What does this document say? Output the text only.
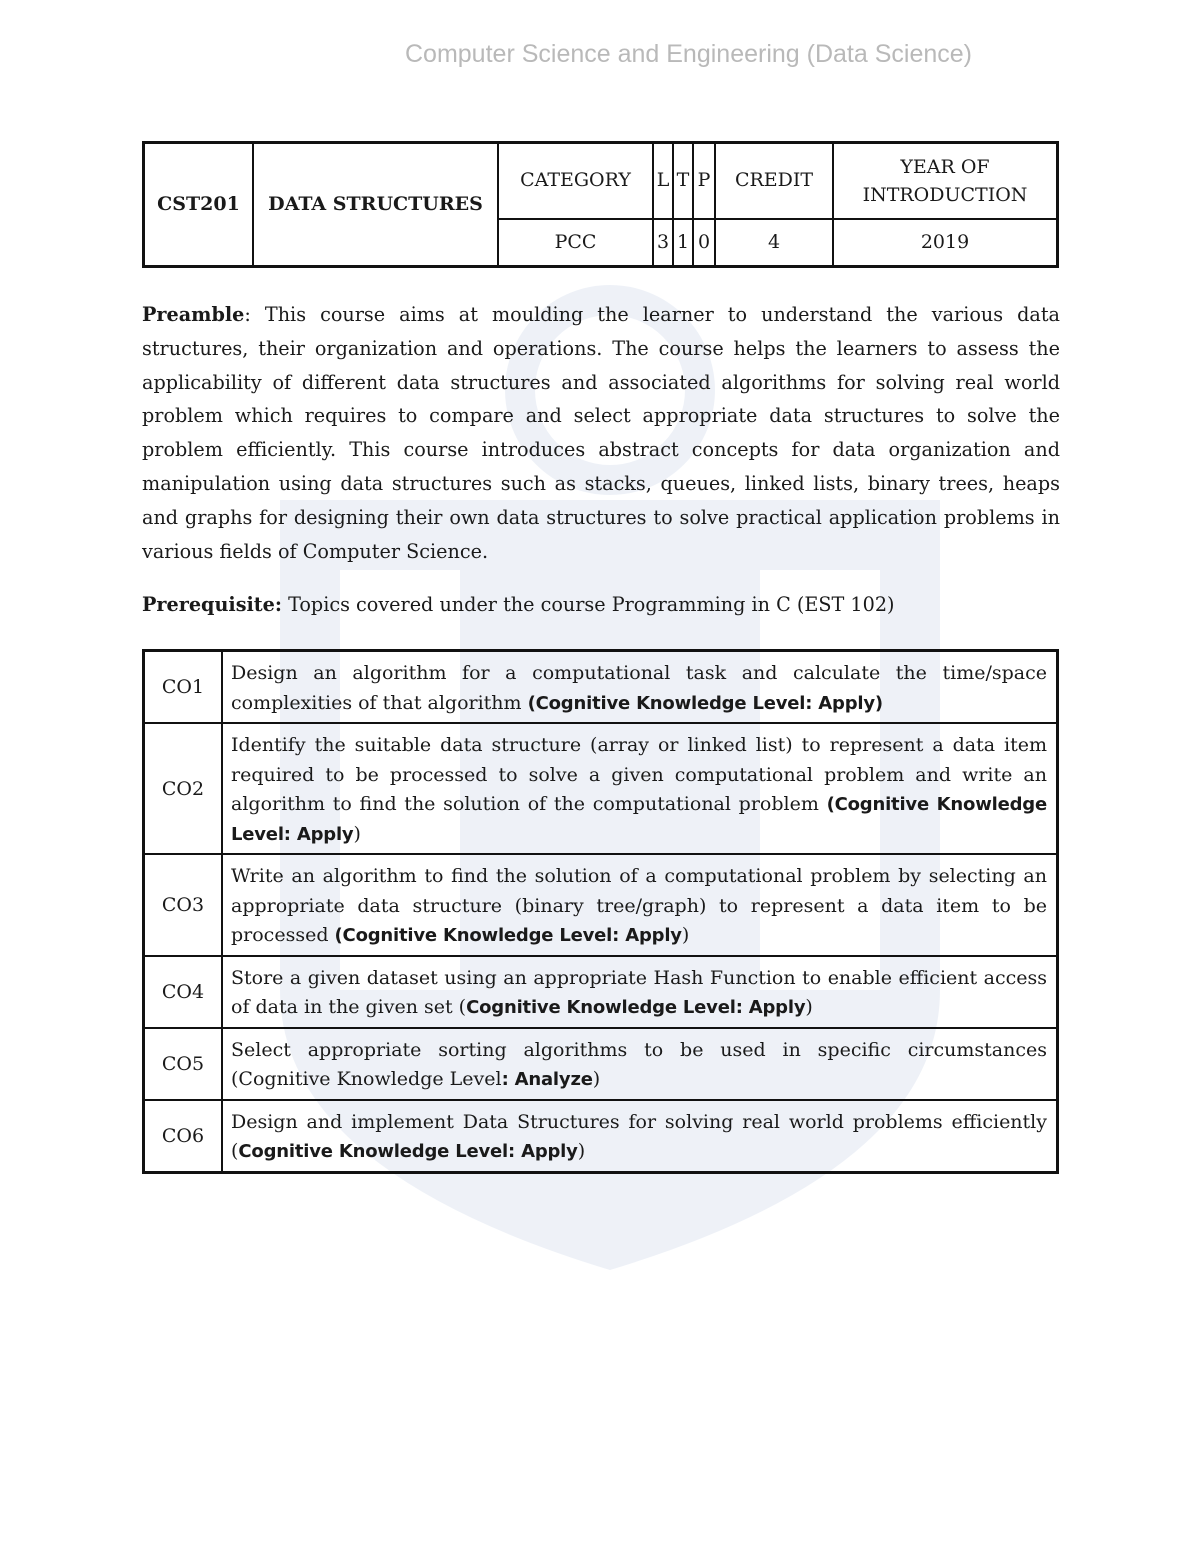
Computer Science and Engineering (Data Science)
CST201	DATA STRUCTURES	CATEGORY	L	T	P	CREDIT	YEAR OF INTRODUCTION
		PCC	3	1	0	4	2019

Preamble: This course aims at moulding the learner to understand the various data structures, their organization and operations. The course helps the learners to assess the applicability of different data structures and associated algorithms for solving real world problem which requires to compare and select appropriate data structures to solve the problem efficiently. This course introduces abstract concepts for data organization and manipulation using data structures such as stacks, queues, linked lists, binary trees, heaps and graphs for designing their own data structures to solve practical application problems in various fields of Computer Science.

Prerequisite: Topics covered under the course Programming in C (EST 102)

CO1	Design an algorithm for a computational task and calculate the time/space complexities of that algorithm (Cognitive Knowledge Level: Apply)
CO2	Identify the suitable data structure (array or linked list) to represent a data item required to be processed to solve a given computational problem and write an algorithm to find the solution of the computational problem (Cognitive Knowledge Level: Apply)
CO3	Write an algorithm to find the solution of a computational problem by selecting an appropriate data structure (binary tree/graph) to represent a data item to be processed (Cognitive Knowledge Level: Apply)
CO4	Store a given dataset using an appropriate Hash Function to enable efficient access of data in the given set (Cognitive Knowledge Level: Apply)
CO5	Select appropriate sorting algorithms to be used in specific circumstances (Cognitive Knowledge Level: Analyze)
CO6	Design and implement Data Structures for solving real world problems efficiently (Cognitive Knowledge Level: Apply)
